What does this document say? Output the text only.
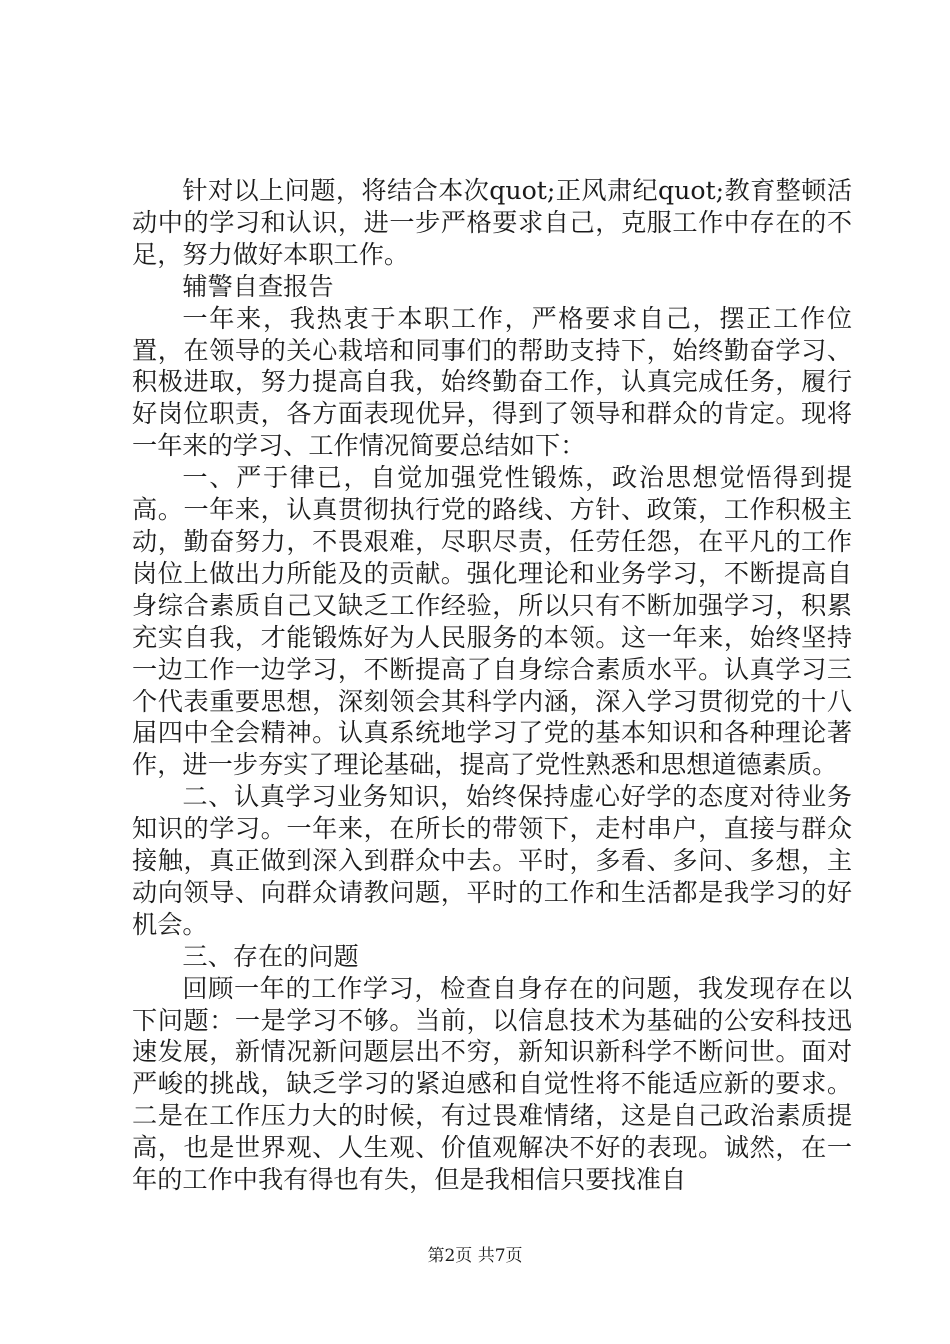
针对以上问题，将结合本次quot;正风肃纪quot;教育整顿活动中的学习和认识，进一步严格要求自己，克服工作中存在的不足，努力做好本职工作。

辅警自查报告

一年来，我热衷于本职工作，严格要求自己，摆正工作位置，在领导的关心栽培和同事们的帮助支持下，始终勤奋学习、积极进取，努力提高自我，始终勤奋工作，认真完成任务，履行好岗位职责，各方面表现优异，得到了领导和群众的肯定。现将一年来的学习、工作情况简要总结如下：

一、严于律已，自觉加强党性锻炼，政治思想觉悟得到提高。一年来，认真贯彻执行党的路线、方针、政策，工作积极主动，勤奋努力，不畏艰难，尽职尽责，任劳任怨，在平凡的工作岗位上做出力所能及的贡献。强化理论和业务学习，不断提高自身综合素质自己又缺乏工作经验，所以只有不断加强学习，积累充实自我，才能锻炼好为人民服务的本领。这一年来，始终坚持一边工作一边学习，不断提高了自身综合素质水平。认真学习三个代表重要思想，深刻领会其科学内涵，深入学习贯彻党的十八届四中全会精神。认真系统地学习了党的基本知识和各种理论著作，进一步夯实了理论基础，提高了党性熟悉和思想道德素质。

二、认真学习业务知识，始终保持虚心好学的态度对待业务知识的学习。一年来，在所长的带领下，走村串户，直接与群众接触，真正做到深入到群众中去。平时，多看、多问、多想，主动向领导、向群众请教问题，平时的工作和生活都是我学习的好机会。

三、存在的问题

回顾一年的工作学习，检查自身存在的问题，我发现存在以下问题：一是学习不够。当前，以信息技术为基础的公安科技迅速发展，新情况新问题层出不穷，新知识新科学不断问世。面对严峻的挑战，缺乏学习的紧迫感和自觉性将不能适应新的要求。二是在工作压力大的时候，有过畏难情绪，这是自己政治素质提高，也是世界观、人生观、价值观解决不好的表现。诚然，在一年的工作中我有得也有失，但是我相信只要找准自

第2页 共7页
